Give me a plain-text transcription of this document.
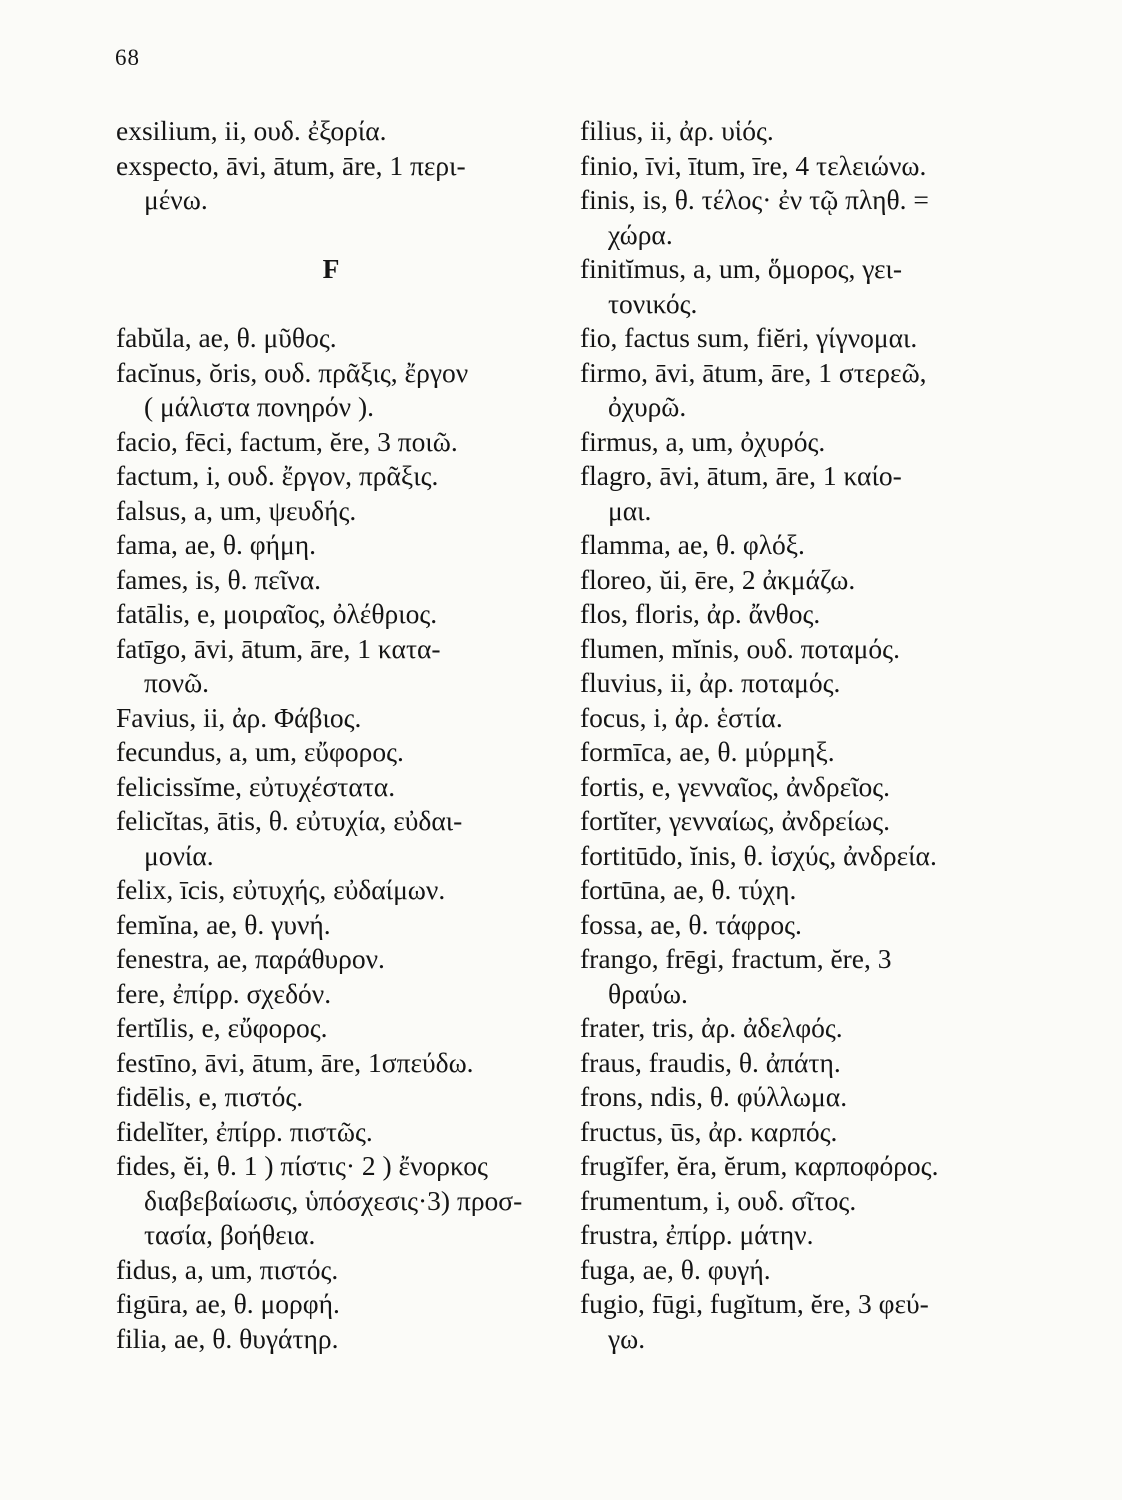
68
exsilium, ii, ουδ. ἐξορία.
exspecto, āvi, ātum, āre, 1 περι-
μένω.
F
fabŭla, ae, θ. μῦθος.
facĭnus, ŏris, ουδ. πρᾶξις, ἔργον
( μάλιστα πονηρόν ).
facio, fēci, factum, ĕre, 3 ποιῶ.
factum, i, ουδ. ἔργον, πρᾶξις.
falsus, a, um, ψευδής.
fama, ae, θ. φήμη.
fames, is, θ. πεῖνα.
fatālis, e, μοιραῖος, ὀλέθριος.
fatīgo, āvi, ātum, āre, 1 κατα-
πονῶ.
Favius, ii, ἀρ. Φάβιος.
fecundus, a, um, εὔφορος.
felicissĭme, εὐτυχέστατα.
felicĭtas, ātis, θ. εὐτυχία, εὐδαι-
μονία.
felix, īcis, εὐτυχής, εὐδαίμων.
femĭna, ae, θ. γυνή.
fenestra, ae, παράθυρον.
fere, ἐπίρρ. σχεδόν.
fertĭlis, e, εὔφορος.
festīno, āvi, ātum, āre, 1σπεύδω.
fidēlis, e, πιστός.
fidelĭter, ἐπίρρ. πιστῶς.
fides, ĕi, θ. 1 ) πίστις· 2 ) ἔνορκος
διαβεβαίωσις, ὑπόσχεσις·3) προσ-
τασία, βοήθεια.
fidus, a, um, πιστός.
figūra, ae, θ. μορφή.
filia, ae, θ. θυγάτηρ.
filius, ii, ἀρ. υἱός.
finio, īvi, ītum, īre, 4 τελειώνω.
finis, is, θ. τέλος· ἐν τῷ πληθ. =
χώρα.
finitĭmus, a, um, ὅμορος, γει-
τονικός.
fio, factus sum, fiĕri, γίγνομαι.
firmo, āvi, ātum, āre, 1 στερεῶ,
ὀχυρῶ.
firmus, a, um, ὀχυρός.
flagro, āvi, ātum, āre, 1 καίο-
μαι.
flamma, ae, θ. φλόξ.
floreo, ŭi, ēre, 2 ἀκμάζω.
flos, floris, ἀρ. ἄνθος.
flumen, mĭnis, ουδ. ποταμός.
fluvius, ii, ἀρ. ποταμός.
focus, i, ἀρ. ἑστία.
formīca, ae, θ. μύρμηξ.
fortis, e, γενναῖος, ἀνδρεῖος.
fortĭter, γενναίως, ἀνδρείως.
fortitūdo, ĭnis, θ. ἰσχύς, ἀνδρεία.
fortūna, ae, θ. τύχη.
fossa, ae, θ. τάφρος.
frango, frēgi, fractum, ĕre, 3
θραύω.
frater, tris, ἀρ. ἀδελφός.
fraus, fraudis, θ. ἀπάτη.
frons, ndis, θ. φύλλωμα.
fructus, ūs, ἀρ. καρπός.
frugĭfer, ĕra, ĕrum, καρποφόρος.
frumentum, i, ουδ. σῖτος.
frustra, ἐπίρρ. μάτην.
fuga, ae, θ. φυγή.
fugio, fūgi, fugĭtum, ĕre, 3 φεύ-
γω.
